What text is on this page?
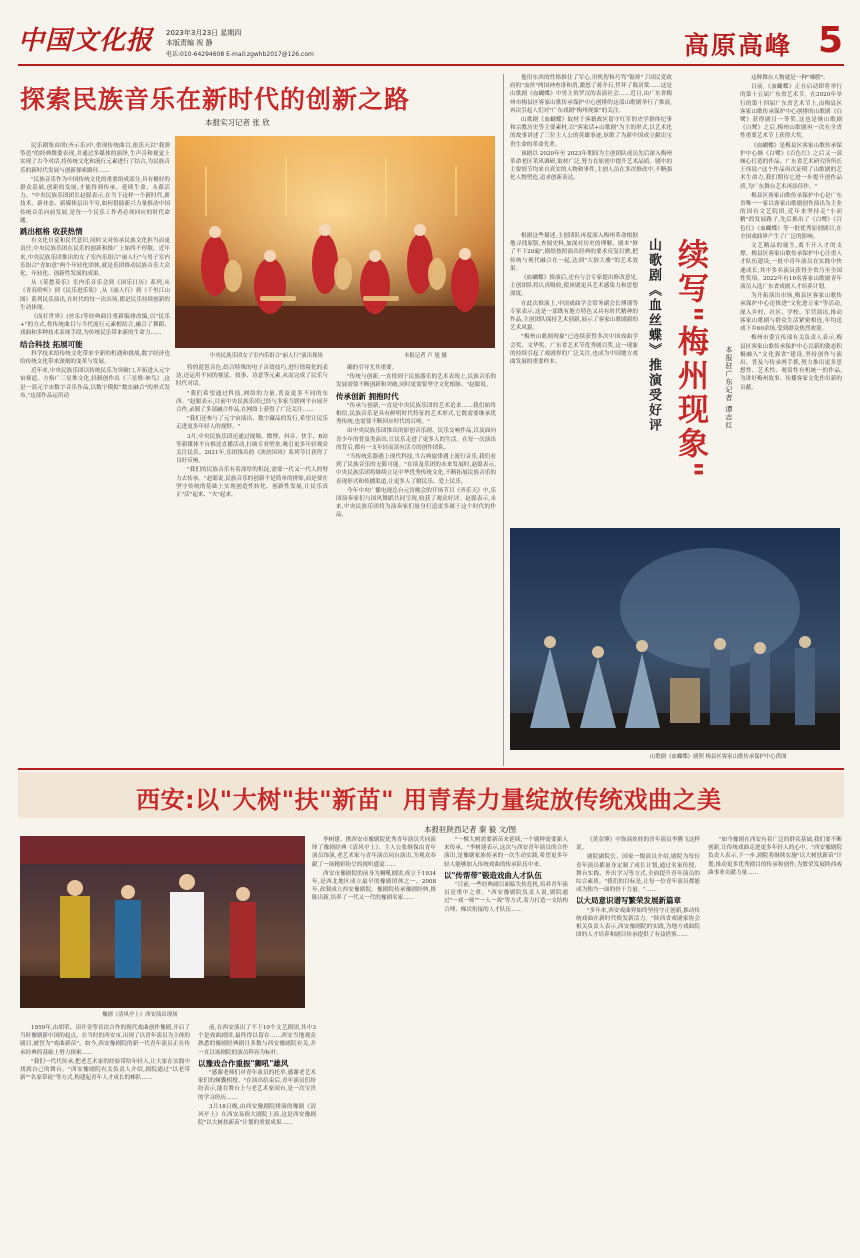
中国文化报 2023年3月23日 星期四
本版责编 视 静
电话:010-64294608 E-mail:zgwhb2017@126.com	高原高峰 5
探索民族音乐在新时代的创新之路
本报实习记者 张 欣
中央民族乐团女子室内乐组合"丽人行"演出现场	本报记者 卢 旭 摄

民乐剧集由团(齐示乐)中,重现传统曲目,依乐天以"我弹筝琶"的经典舞姿表现,并通过多媒体的演绎,生声音和视觉上实现了古今对话,将传统文化和流行元素进行了结合,为民族音乐的新时代发展与创新探索路径……

"民族音乐作为中国传统文化的重要组成部分,具有极好的群众基础,创新的发展,才能得到传承、延续生命、永葆活力。"中央民族乐团团长赵聪表示,在当下这样一个新时代,新技术、新业态、新媒体层出不穷,如何借助新兴力量推动中国传统音乐向前发展,是每一个民乐工作者必须回应的时代命题。

跳出框格 收获热情

有文化自觉和民代意识,同时又对传承民族文化担当而更责任,中央民族乐团在民乐的创新和推广上始终不停歇。近年来,中央民族乐团推出的女子室内乐组合"丽人行"与男子室内乐组合"青如意"两个年轻化团体,就是乐团推动民族音乐大众化、年轻化、创新性发展的成果。

从《莫愁莫乐》室内乐音乐会到《国乐日历》系列,从《青春聆听》到《民乐进乐街》,从《丽人行》到《千里江山图》系列民乐演出,在时代的每一次出场,都是民乐持续创新的生动体现。

《而打世界》(丝乐)等经典曲目重新编排改编,以"民乐+"的方式,将传统曲目与当代流行元素相结合,融合了舞蹈、戏曲和多种技术表现手段,为传统民乐带来新的生命力……

结合科技 拓展可能

科学技术给传统文化带来全新的机遇和挑战,数字经济也给传统文化带来深刻的变革与发展。

近年来,中央民族乐团以传统民乐为突破口,开拓进入元宇宙赛道。方指广三星堆文化,轻制创作出《三星堆·神鸟》,这是一部元宇宙数字音乐作品,以数字模拟"数实融合"的形式发布,"这部作品运用动

特的琵琶音色,结合特殊的电子音效技巧,进行情境化的表达,还运用不同的视觉、叙事、诗意等元素,从而完成了民乐与时代对话。

"我们希望通过科技,网络的力量,普及更多不同的东西。"赵聪表示,目前中央民族乐团已经与多家互联网平台展开合作,录制了多部融合作品,在网络上获得了广泛关注……

"我们还参与了元宇宙演出、数字藏品的发行,希望让民乐走进更多年轻人的视野。"

3月,中央民族乐团还通过视频、微博、抖音、快手、B站等新媒体平台推送直播活动,打破专业壁垒,吸引更多年轻观众关注民乐。2021年,乐团推出的《泱泱国风》系列节目获得了良好反响。

"我们的民族音乐有着深厚的积淀,需要一代又一代人的努力去传承。"赵聪说,民族音乐的创新不是简单的拼贴,而是要在坚守传统的基础上实现创造性转化、创新性发展,让民乐真正"活"起来、"火"起来。

确的引导尤其重要。

"传统与创新,一直得到于民族器乐的艺术表现上,民族音乐的发展需要不断创新和突破,同时更需要坚守文化根脉。"赵聪说。

传承创新 拥抱时代

"传承与创新,一直是中央民族乐团的艺术追求……我们始终相信,民族音乐是具有鲜明时代特征的艺术形式,它既需要继承优秀传统,也需要不断回应时代的召唤。"

由中央民族乐团推出的原创音乐剧、民乐交响作品,以及面向青少年的普及类演出,让民乐走进了更多人的生活。在每一次演出的背后,都有一支年轻而富有活力的创作团队。

"当传统乐器遇上现代科技,当古典旋律遇上流行音乐,我们看到了民族音乐的无限可能。"在谈及乐团的未来发展时,赵聪表示,中央民族乐团将继续立足中华优秀传统文化,不断拓展民族音乐的表现形式和传播渠道,让更多人了解民乐、爱上民乐。

今年中央广播电视总台元宵晚会的开场节目《齐乐天》中,乐团演奏家们与国风舞蹈共同呈现,收获了观众好评。赵聪表示,未来,中央民族乐团将为演奏家们量身打造更多属于这个时代的作品,

续写"梅州现象"
山歌剧《血丝蝶》推演受好评	本报驻广东记者 谭志红
山歌剧《血蝴蝶》剧照 梅县区客家山歌传承保护中心供图

他用东西的性格推住了军心,用机智和巧骂"锯掉"了国民党政府的"血丝"两国神查诽和消,激怒了蒋介石,忏坏了陈济棠……这是山歌剧《血蝴蝶》中男主角罗汉的表演社会……近日,由广东省梅州市梅县区客家山歌传承保护中心创排的这部山歌剧举行了推演,再次引起人们对"广东戏剧"梅州现象"的关注。

山歌剧《血蝴蝶》取材于客籍政区留守红军的史学群体纪事和宗教历史等主要素材,以"客家话+山歌剧"为主的形式,以艺术化的故事讲述了三位主人公的英雄事迹,讴歌了为新中国成立献出宝贵生命的革命先辈。

该剧以 2020年至 2023年期间为主创团队成员先后深入梅州革命老区采风调研,取材广泛,努力在原创中提升艺术品质。剧中的主要情节均来自真实的人物和事件,主创人员在多次修改中,不断强化人物塑造,追求创新表达。

根据这些描述,主创团队再度深入梅州革命根据地寻找原版,查阅史料,加深对历史的理解。剧本"修了不下20遍",剧组按照演出经典的要求反复打磨,把传统与现代融合在一起,达到"大俗大雅"的艺术效果。

《血蝴蝶》推演后,还有与会专家提出修改意见,主创团队将认真吸收,使该剧更具艺术感染力和思想深度。

在此次推演上,中国戏曲学会常务副会长傅谨等专家表示,这是一部既有地方特色又具有时代精神的作品,主创团队保持艺术创新,展示了客家山歌剧新的艺术风貌。

"梅州山歌剧现象"已连续获得多次中国戏曲学会奖、文华奖、广东省艺术节优秀剧目奖,这一现象的持续引起了戏剧界的广泛关注,也成为中国地方戏曲发展的重要样本。

这种舞台人物就是一种"嗓膛"。

目前,《血蝴蝶》正在启动即将举行的第十五届广东省艺术节。在2020年举行的第十四届广东省艺术节上,由梅县区客家山歌传承保护中心创排的山歌剧《白鹭》获得剧目一等奖,这也是继山歌剧《白鹭》之后,梅州山歌剧再一次在全省性重要艺术节上获得大奖。

《血蝴蝶》是梅县区客家山歌传承保护中心继《白鹭》《百色红》之后又一部倾心打造的作品。广东省艺术研究所所长王伟说:"这个作品再次证明了山歌剧的艺术生命力,我们期待它进一步提升创作品质,为广东舞台艺术再添佳作。"

梅县区客家山歌传承保护中心是广东省唯一一家以客家山歌剧创作演出为主业的国有文艺院团,近年来坚持走"小而精"的发展路子,先后推出了《白鹭》《百色红》《血蝴蝶》等一批优秀原创剧目,在全国戏曲界产生了广泛的影响。

文艺精品的诞生,离不开人才的支撑。梅县区客家山歌传承保护中心注重人才队伍建设,一批中青年演员在实践中快速成长,其中多名演员获得全省乃至全国性奖项。2022年有10名客家山歌剧青年演员入选广东省戏剧人才培养计划。

为开拓演出市场,梅县区客家山歌传承保护中心还推进"文化进万家"等活动,深入乡村、社区、学校、军营演出,推动客家山歌剧与群众生活紧密相连,年均送戏下乡60余场,受到群众热烈欢迎。

梅州市委宣传部有关负责人表示,梅县区客家山歌传承保护中心以新的姿态积极融入"文化强省"建设,坚持创作与演出、普及与传承两手抓,努力推出更多思想性、艺术性、观赏性有机统一的作品,为讲好梅州故事、传播客家文化作出新的贡献。

西安:以"大树"扶"新苗" 用青春力量绽放传统戏曲之美
本报驻陕西记者 秦 毅 文/图
豫剧《清风亭上》西安演出现场

1959年,由胡荣、田开金等首次合作的现代戏曲创作豫剧,开启了当时豫剧新中国的起点。在当时的西安市,出现了以青年演员为主体的剧目,被誉为"戏曲新苗"。如今,西安豫剧院的新一代青年演员正在传承经典的基础上努力探索……

"我们一代代传承,把老艺术家的经验带给年轻人,让大家在实践中找到自己的舞台。"西安豫剧院有关负责人介绍,剧院通过"以老带新""名家带徒"等方式,构建起青年人才成长的梯队……

前,在西安演出了不下10个文艺剧团,其中3个是戏曲剧团,最终得以留存……西安当地观众熟悉的豫剧经典剧目多数与西安豫剧院有关,并一直以该剧院的演员阵容为标杆。

以豫戏合作重振"狮吼"雄风

"感谢老师们对青年演员的托举,感谢老艺术家们的倾囊相授。"在演出结束后,青年演员们纷纷表示,能在舞台上与老艺术家同台,是一次宝贵的学习经历……

3月18日晚,由西安豫剧院排演的豫剧《清风亭上》在西安易俗大剧院上演,这是西安豫剧院"以大树扶新苗"计划的重要成果……

李树建、携西安市豫剧院优秀青年演员共同演绎了豫剧经典《清风亭上》。主人公张继保由青年演员饰演,老艺术家与青年演员同台演出,为观众奉献了一场精彩纷呈的视听盛宴……

西安市豫剧院的前身为狮吼剧团,成立于1934年,是西北地区成立最早的豫剧团体之一。2008年,改制成立西安豫剧院。豫剧院传承豫剧经典,推陈出新,培养了一代又一代的豫剧名家……

"一棵大树需要新苗来延续,一个剧种需要新人来传承。"李树建表示,这次与西安青年演员的合作演出,是豫剧家族传承的一次生动实践,希望更多年轻人能够加入传统戏曲的传承队伍中来。

以"传帮带"锻造戏曲人才队伍

"目前,一些经典剧目面临失传危机,培养青年演员是重中之重。"西安豫剧院负责人说,剧院通过"一戏一师""一人一戏"等方式,着力打造一支结构合理、梯次衔接的人才队伍……

《黄金锤》中饰演娃娃的青年演员李腾飞这样说。

剧院副院长、国家一级演员介绍,剧院为每位青年演员都量身定制了成长计划,通过名家传授、舞台实践、外出学习等方式,全面提升青年演员的综合素质。"我们的目标是,让每一位青年演员都能成为独当一面的骨干力量。"……

以大局意识谱写繁荣发展新篇章

"多年来,西安戏曲界始终坚持守正创新,推动传统戏曲在新时代焕发新活力。"陕西省戏剧家协会相关负责人表示,西安豫剧院的实践,为地方戏曲院团的人才培养和剧目传承提供了有益借鉴……

"如今豫剧在西安有着广泛的群众基础,我们要不断创新,让传统戏曲走进更多年轻人的心中。"西安豫剧院负责人表示,下一步,剧院将继续实施"以大树扶新苗"计划,推动更多优秀剧目的传承和创作,为繁荣发展陕西戏曲事业贡献力量……
